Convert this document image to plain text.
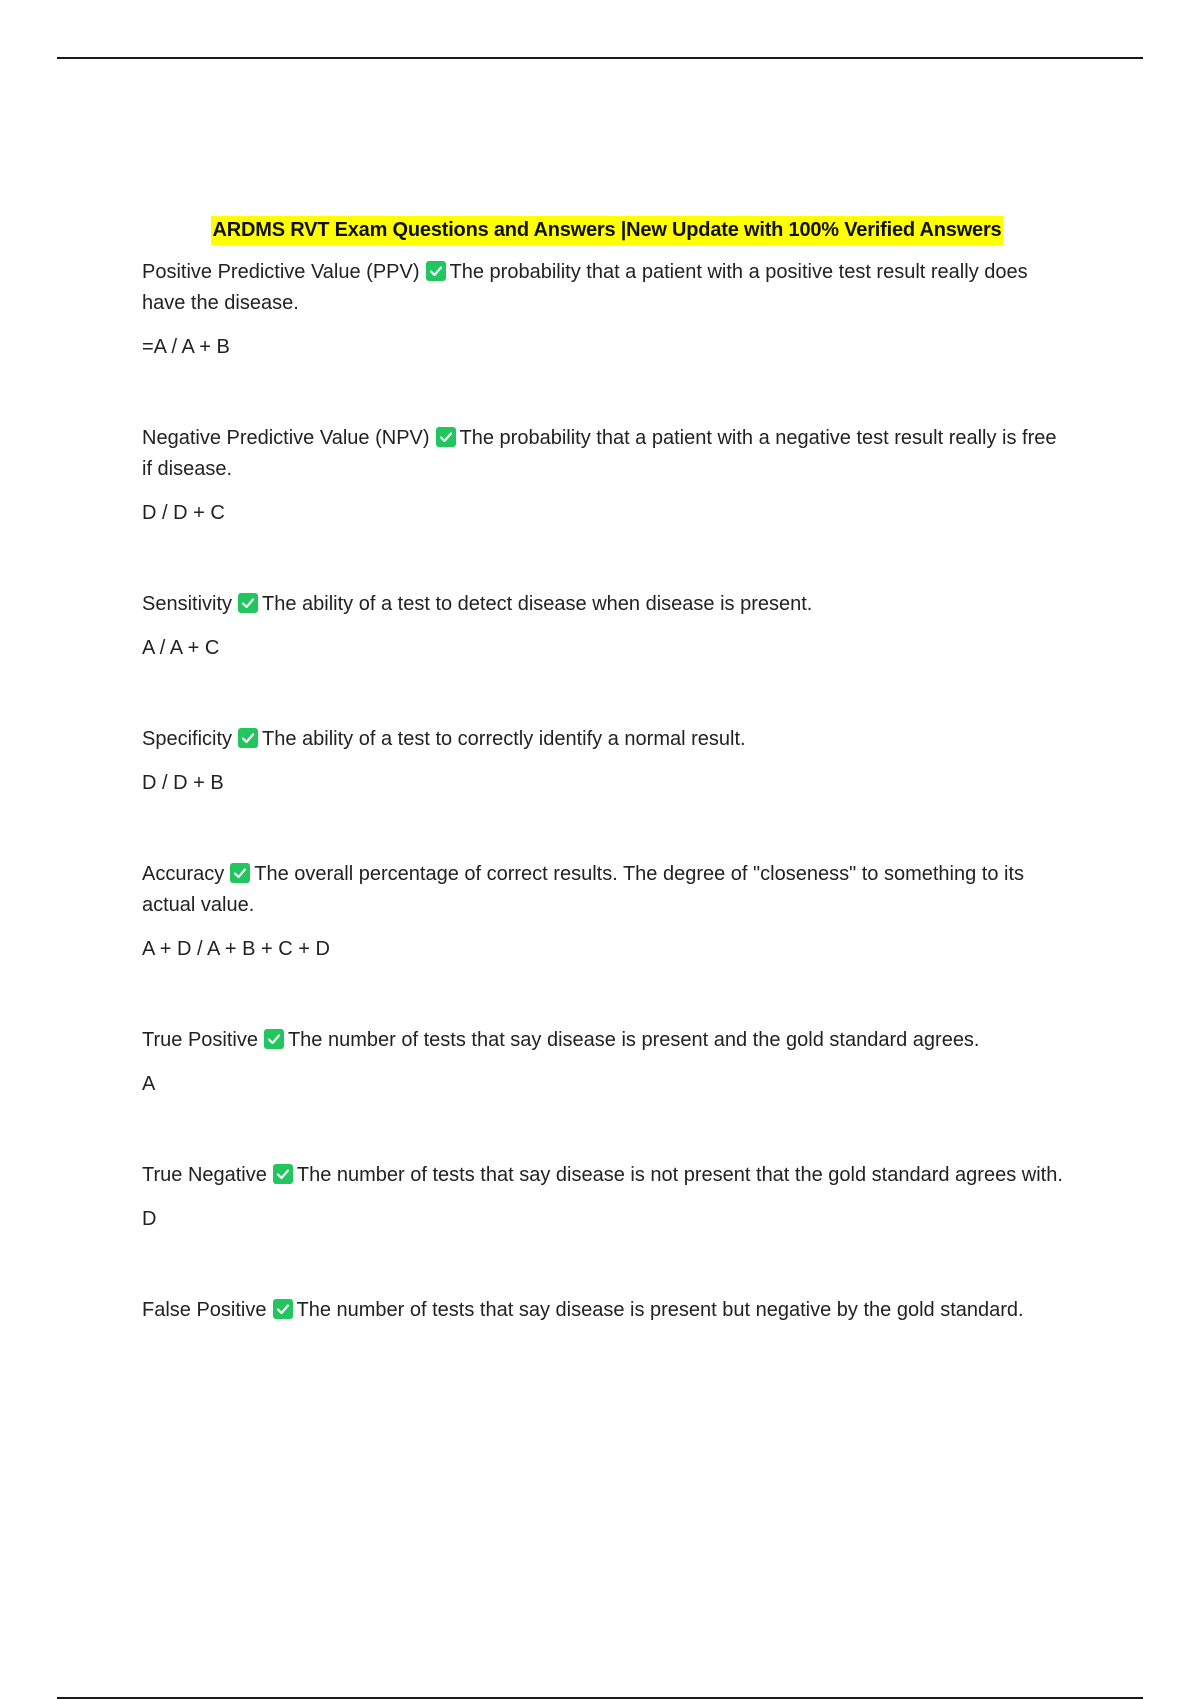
ARDMS RVT Exam Questions and Answers |New Update with 100% Verified Answers

Positive Predictive Value (PPV) The probability that a patient with a positive test result really does have the disease.

=A / A + B

Negative Predictive Value (NPV) The probability that a patient with a negative test result really is free if disease.

D / D + C

Sensitivity The ability of a test to detect disease when disease is present.

A / A + C

Specificity The ability of a test to correctly identify a normal result.

D / D + B

Accuracy The overall percentage of correct results. The degree of "closeness" to something to its actual value.

A + D / A + B + C + D

True Positive The number of tests that say disease is present and the gold standard agrees.

A

True Negative The number of tests that say disease is not present that the gold standard agrees with.

D

False Positive The number of tests that say disease is present but negative by the gold standard.
